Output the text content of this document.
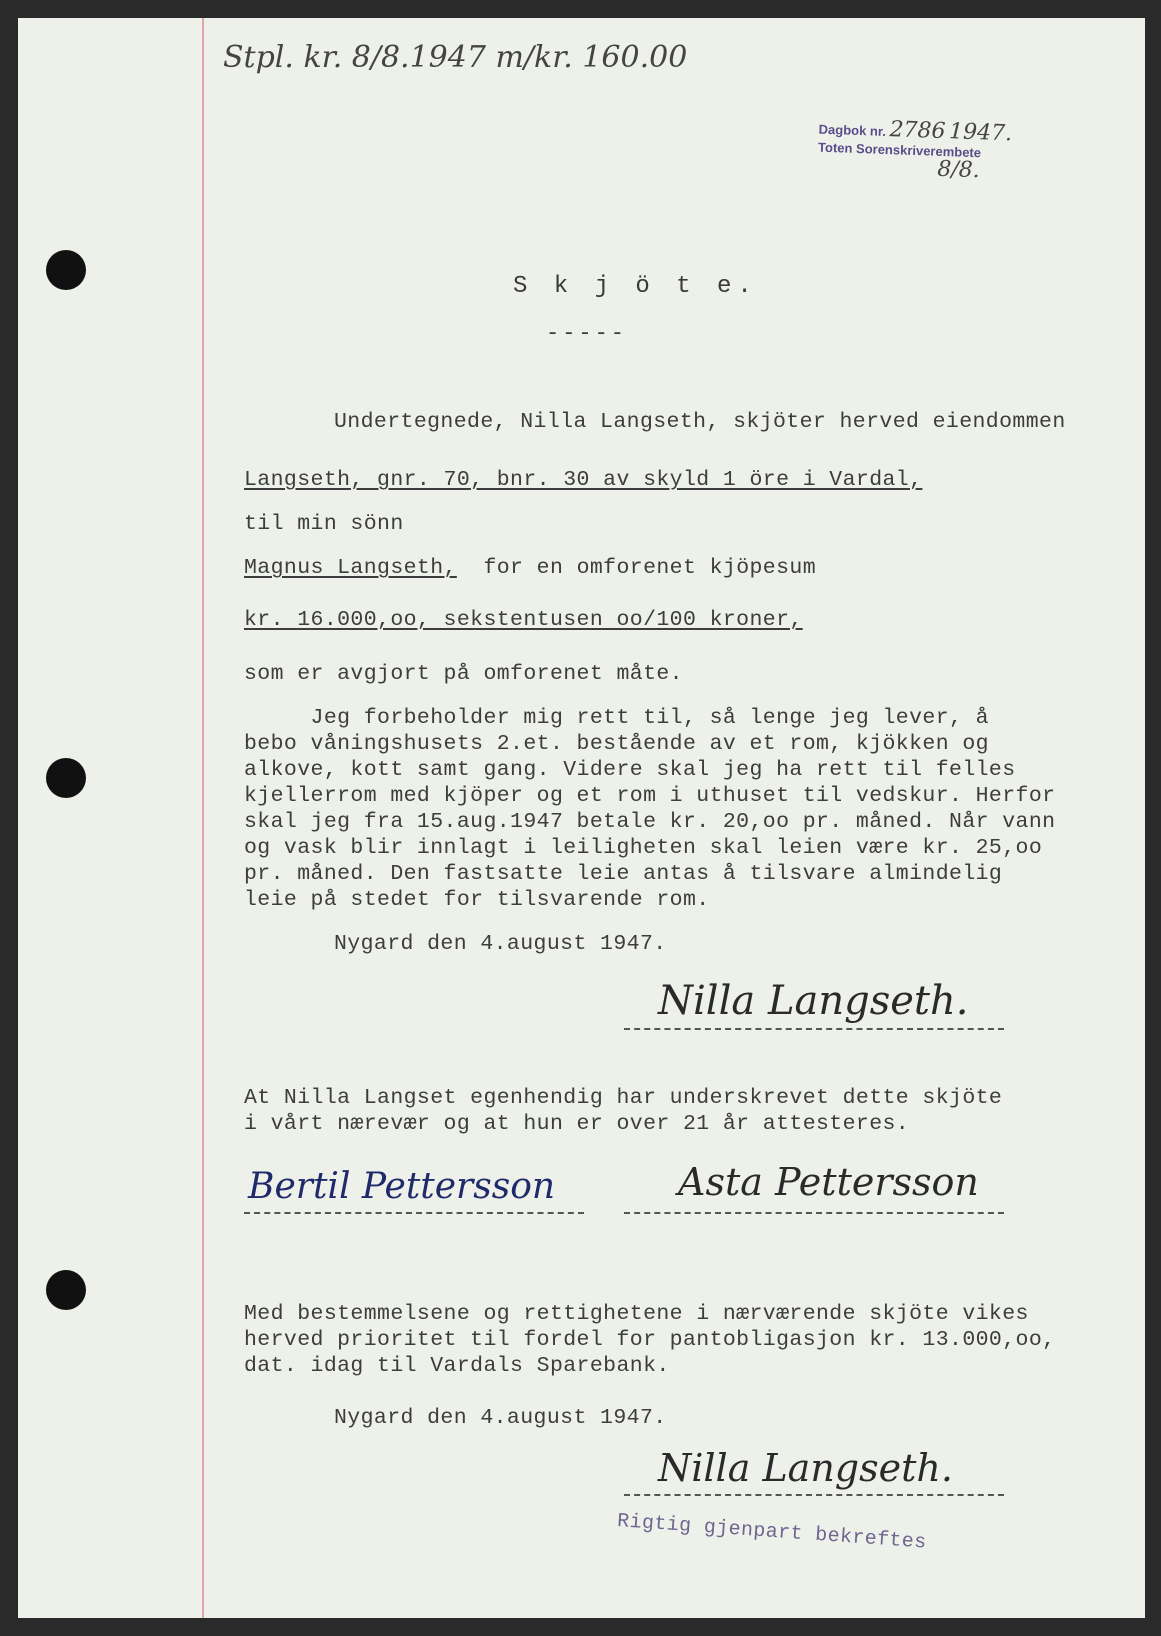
Stpl. kr. 8/8.1947 m/kr. 160.00
Dagbok nr. 2786 1947.
Toten Sorenskriverembete
8/8.
S k j ö t e.
-----
Undertegnede, Nilla Langseth, skjöter herved eiendommen
Langseth, gnr. 70, bnr. 30 av skyld 1 öre i Vardal,
til min sönn
Magnus Langseth,  for en omforenet kjöpesum
kr. 16.000,oo, sekstentusen oo/100 kroner,
som er avgjort på omforenet måte.
Jeg forbeholder mig rett til, så lenge jeg lever, å
bebo våningshusets 2.et. bestående av et rom, kjökken og
alkove, kott samt gang. Videre skal jeg ha rett til felles
kjellerrom med kjöper og et rom i uthuset til vedskur. Herfor
skal jeg fra 15.aug.1947 betale kr. 20,oo pr. måned. Når vann
og vask blir innlagt i leiligheten skal leien være kr. 25,oo
pr. måned. Den fastsatte leie antas å tilsvare almindelig
leie på stedet for tilsvarende rom.
Nygard den 4.august 1947.
Nilla Langseth.
At Nilla Langset egenhendig har underskrevet dette skjöte
i vårt nærevær og at hun er over 21 år attesteres.
Bertil Pettersson	Asta Pettersson
Med bestemmelsene og rettighetene i nærværende skjöte vikes
herved prioritet til fordel for pantobligasjon kr. 13.000,oo,
dat. idag til Vardals Sparebank.
Nygard den 4.august 1947.
Nilla Langseth.
Rigtig gjenpart bekreftes
